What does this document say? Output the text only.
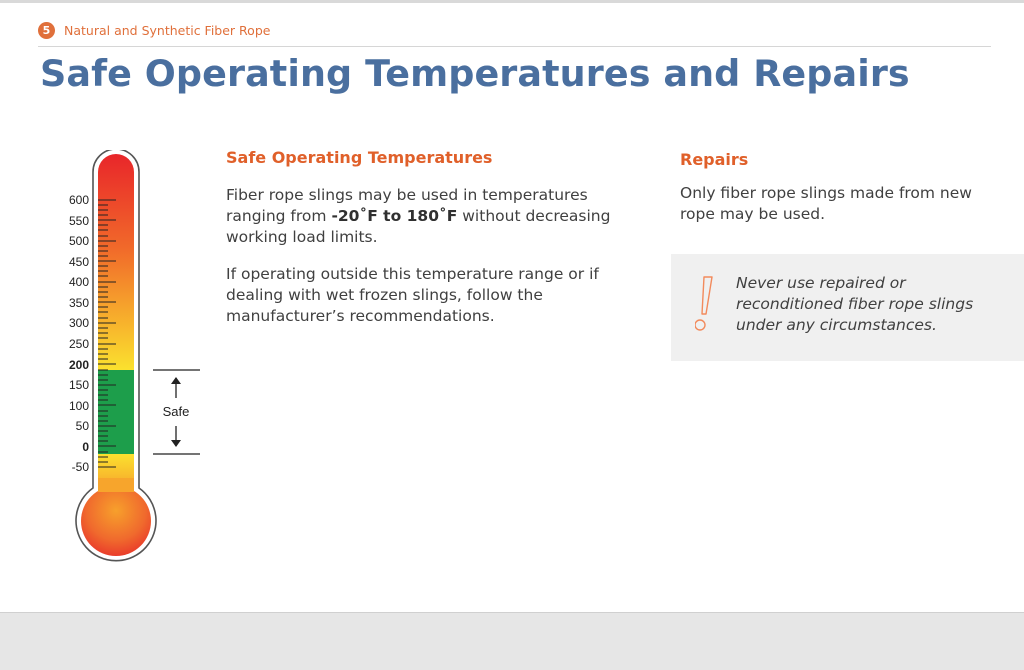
5	Natural and Synthetic Fiber Rope
Safe Operating Temperatures and Repairs
600
550
500
450
400
350
300
250
200
150
100
50
0
-50
Safe
Safe Operating Temperatures

Fiber rope slings may be used in temperatures ranging from -20˚F to 180˚F without decreasing working load limits.

If operating outside this temperature range or if dealing with wet frozen slings, follow the manufacturer’s recommendations.

Repairs

Only fiber rope slings made from new rope may be used.

Never use repaired or reconditioned fiber rope slings under any circumstances.
